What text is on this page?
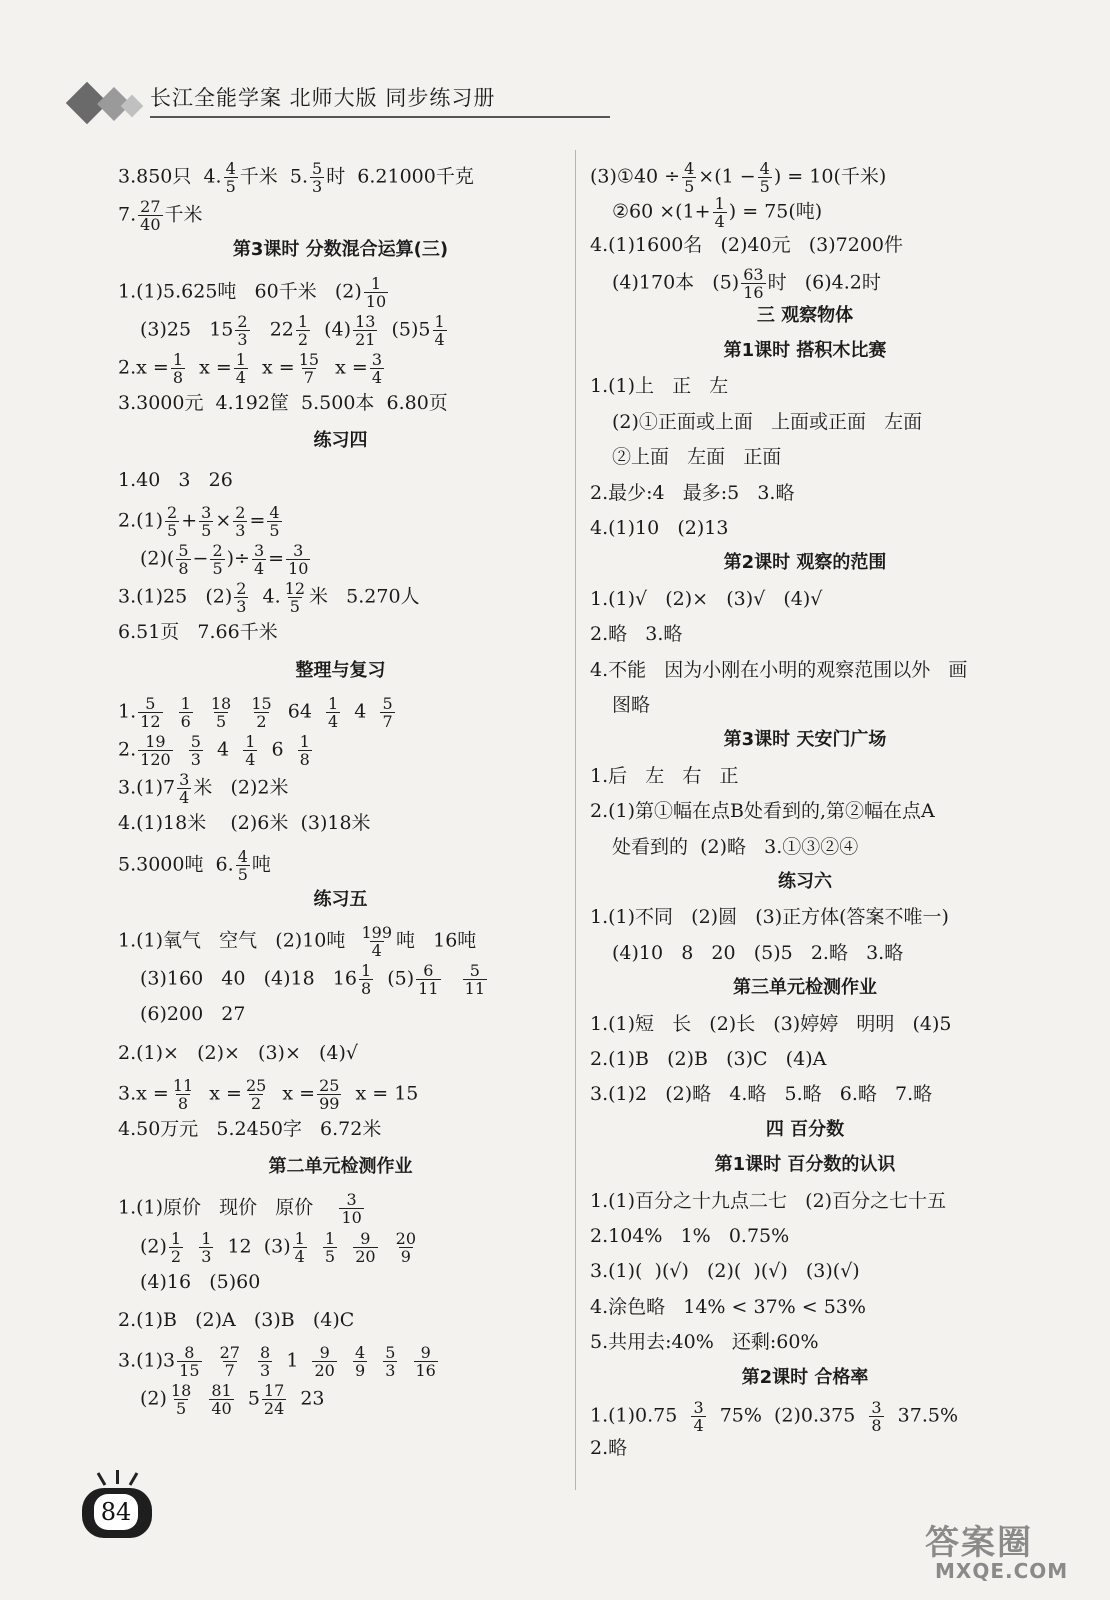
长江全能学案 北师大版 同步练习册
3.850只  4. $\frac{4}{5}$ 千米  5. $\frac{5}{3}$ 时  6.21000千克
7. $\frac{27}{40}$ 千米
第3课时 分数混合运算(三)
1.(1)5.625吨   60千米   $(2) \frac{1}{10}$
(3)25   $15 \frac{2}{3} 22 \frac{1}{2} (4) \frac{13}{21} (5)5 \frac{1}{4}$
$2.x = \frac{1}{8}$ $x = \frac{1}{4}$ $x = \frac{15}{7}$ $x = \frac{3}{4}$
3.3000元  4.192筐  5.500本  6.80页
练习四
1.40   3   26
$2.(1) \frac{2}{5} + \frac{3}{5} \times \frac{2}{3} = \frac{4}{5}$
$(2)( \frac{5}{8} - \frac{2}{5}$ )÷ $\frac{3}{4} = \frac{3}{10}$
3.(1)25   $(2) \frac{2}{3} 4$. $\frac{12}{5}$ 米   5.270人
6.51页   7.66千米
整理与复习
1. $\frac{5}{12}$
$\frac{1}{6}$
$\frac{18}{5}$
$\frac{15}{2} 64 \frac{1}{4} 4 \frac{5}{7}$
2. $\frac{19}{120}$
$\frac{5}{3} 4 \frac{1}{4} 6 \frac{1}{8}$
$3.(1)7 \frac{3}{4}$ 米   (2)2米
4.(1)18米    (2)6米  (3)18米
5.3000吨  6. $\frac{4}{5}$ 吨
练习五
1.(1)氧气   空气   (2)10吨 $\frac{199}{4}$ 吨   16吨
(3)160   40   (4)18   $16 \frac{1}{8} (5) \frac{6}{11}$
$\frac{5}{11}$
(6)200   27
2.(1)×   (2)×   (3)×   (4)√
$3.x = \frac{11}{8}$ $x = \frac{25}{2}$ $x = \frac{25}{99}$ x = 15
4.50万元   5.2450字   6.72米
第二单元检测作业
1.(1)原价   现价   原价 $\frac{3}{10}$
$(2) \frac{1}{2}$
$\frac{1}{3} 12$  $(3) \frac{1}{4}$
$\frac{1}{5}$
$\frac{9}{20}$
$\frac{20}{9}$
(4)16   (5)60
2.(1)B   (2)A   (3)B   (4)C
$3.(1)3 \frac{8}{15}$
$\frac{27}{7}$
$\frac{8}{3} 1 \frac{9}{20}$
$\frac{4}{9}$
$\frac{5}{3}$
$\frac{9}{16}$
$(2) \frac{18}{5}$
$\frac{81}{40} 5 \frac{17}{24} 23$
(3)①40 ÷ $\frac{4}{5} \times(1 - \frac{4}{5}$ ) = 10(千米)
②60 $\times(1+ \frac{1}{4}$ ) = 75(吨)
4.(1)1600名   (2)40元   (3)7200件
(4)170本   $(5) \frac{63}{16}$ 时   (6)4.2时
三 观察物体
第1课时 搭积木比赛
1.(1)上   正   左
(2)①正面或上面   上面或正面   左面
②上面   左面   正面
2.最少:4   最多:5   3.略
4.(1)10   (2)13
第2课时 观察的范围
1.(1)√   (2)×   (3)√   (4)√
2.略   3.略
4.不能   因为小刚在小明的观察范围以外   画
图略
第3课时 天安门广场
1.后   左   右   正
2.(1)第①幅在点B处看到的,第②幅在点A
处看到的  (2)略   3.①③②④
练习六
1.(1)不同   (2)圆   (3)正方体(答案不唯一)
(4)10   8   20   (5)5   2.略   3.略
第三单元检测作业
1.(1)短   长   (2)长   (3)婷婷   明明   (4)5
2.(1)B   (2)B   (3)C   (4)A
3.(1)2   (2)略   4.略   5.略   6.略   7.略
四 百分数
第1课时 百分数的认识
1.(1)百分之十九点二七   (2)百分之七十五
2.104%   1%   0.75%
3.(1)(  )(√)   (2)(  )(√)   (3)(√)
4.涂色略   14% < 37% < 53%
5.共用去:40%   还剩:60%
第2课时 合格率
$1.(1)0.75 \frac{3}{4} 75\%$  $(2)0.375 \frac{3}{8} 37.5\%$
2.略
84
答案圈
MXQE.COM
